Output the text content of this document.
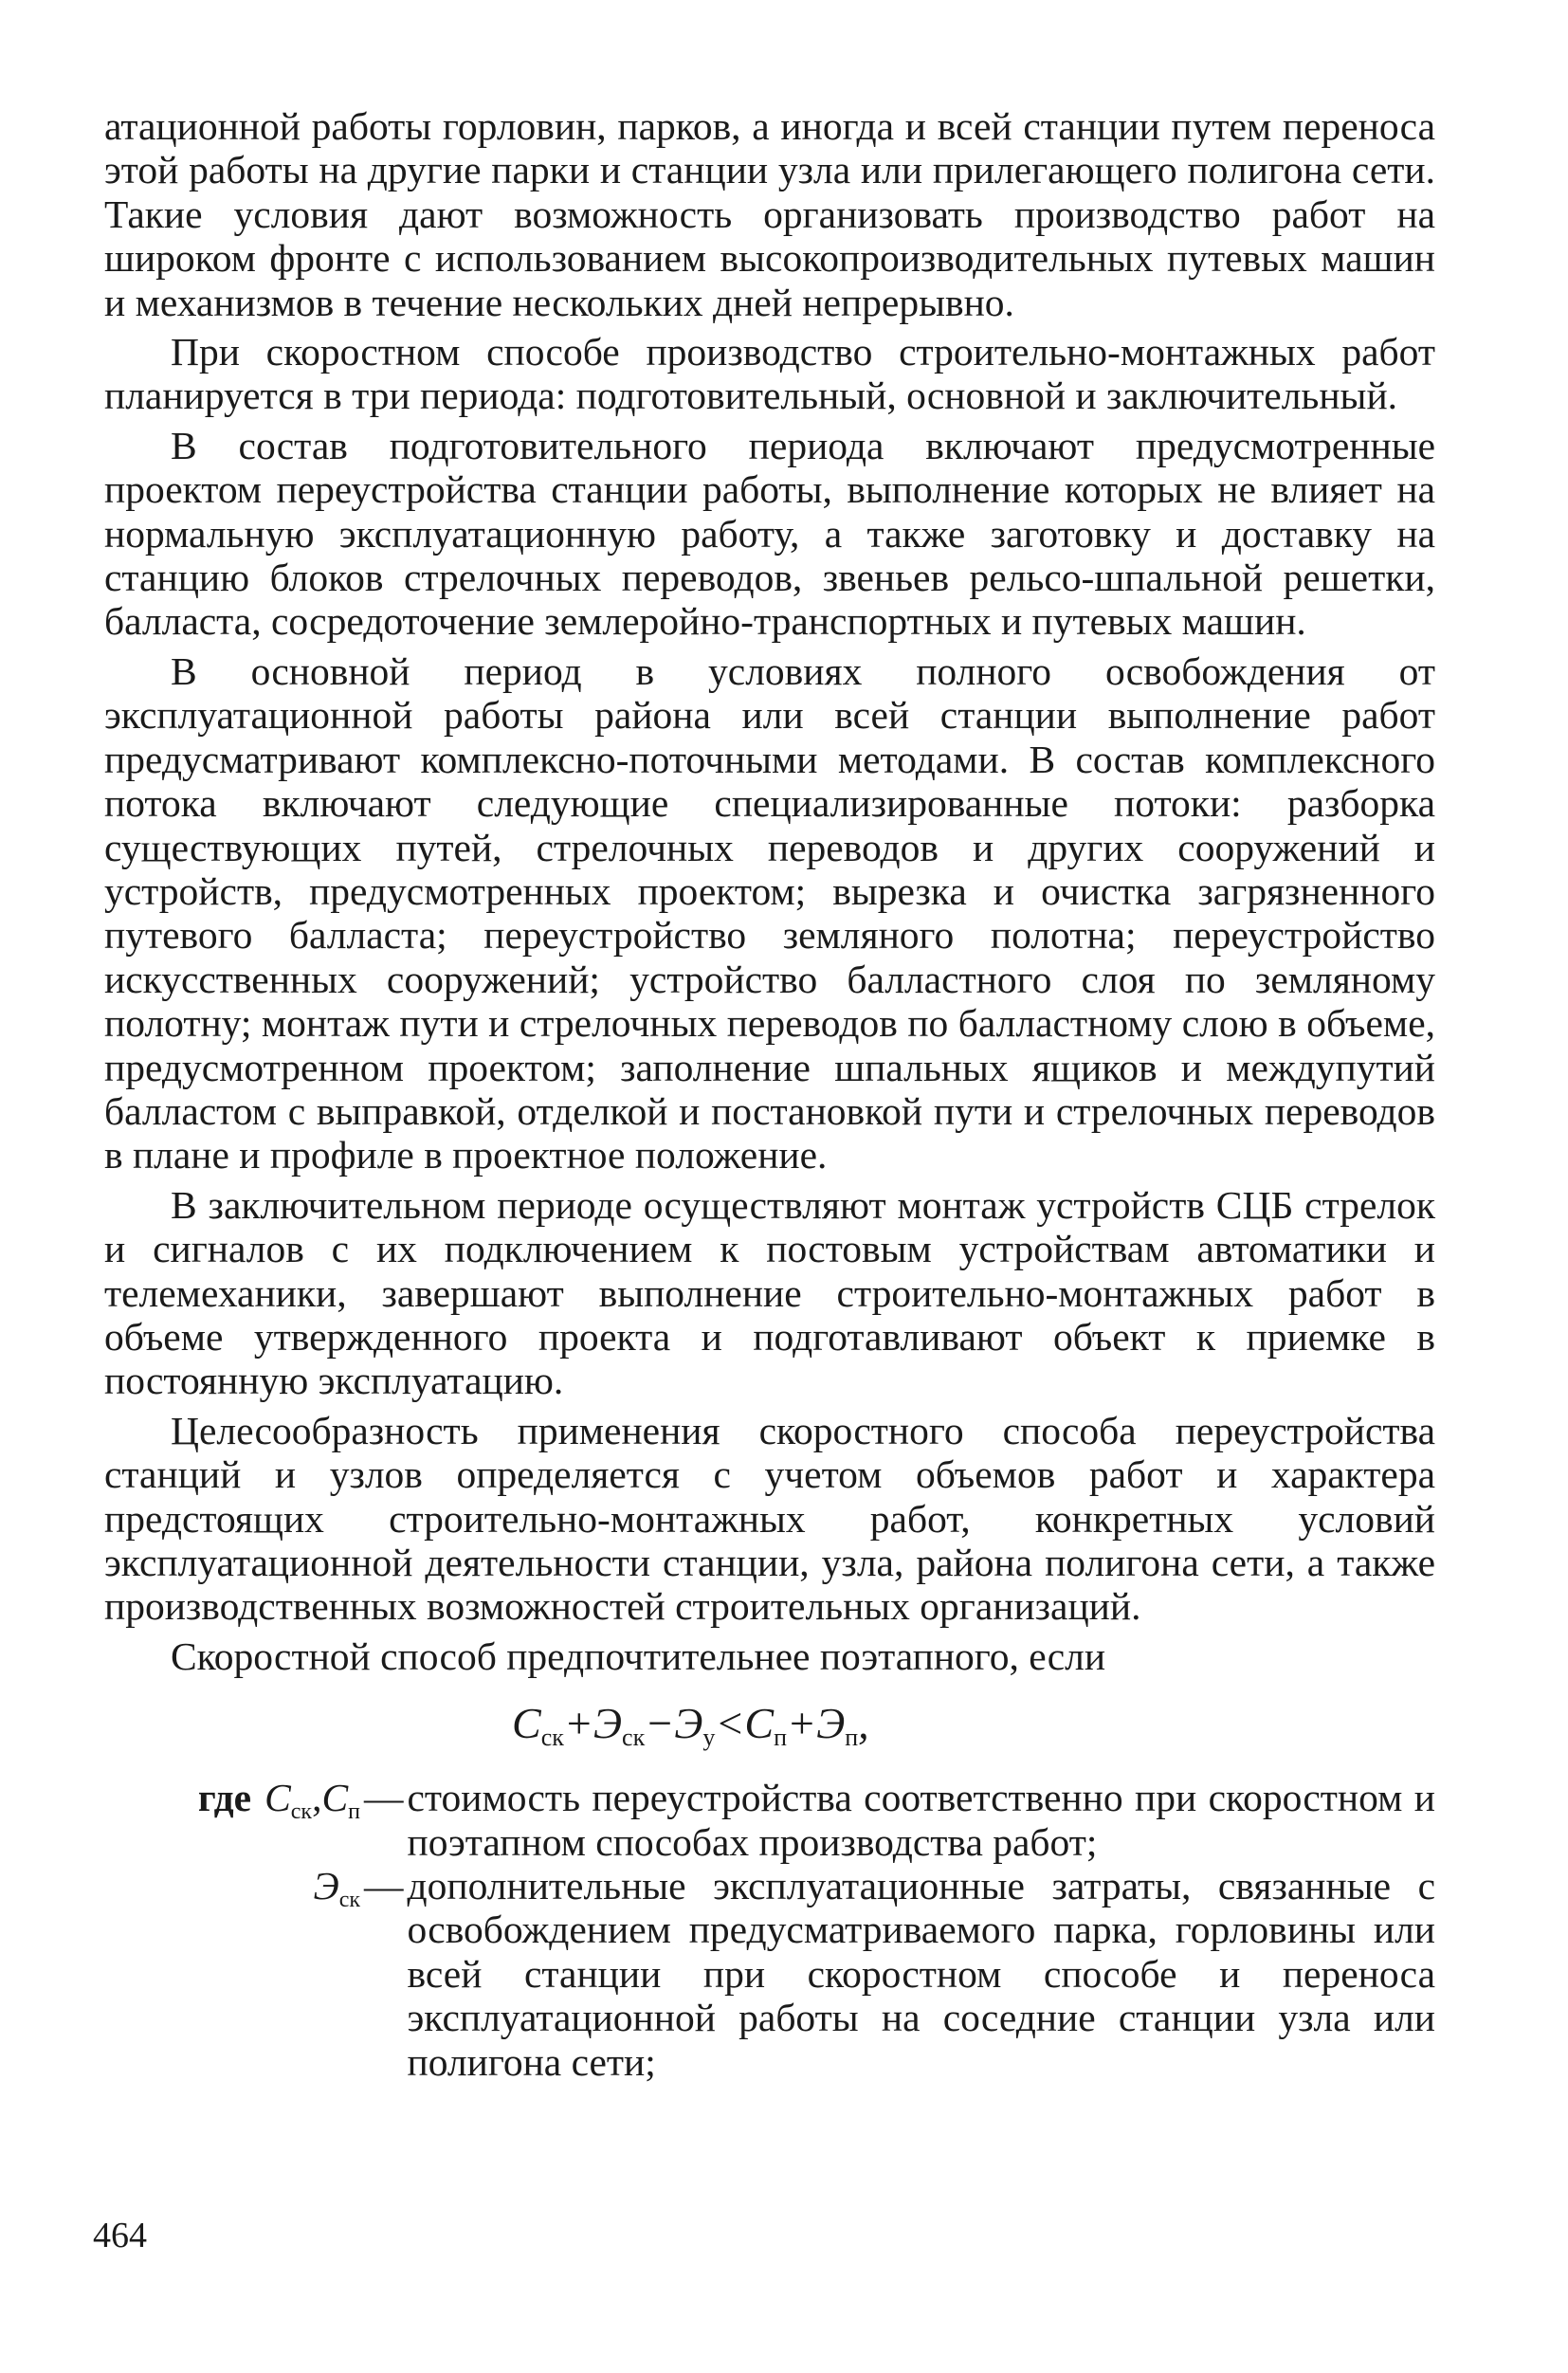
атационной работы горловин, парков, а иногда и всей станции путем переноса этой работы на другие парки и станции узла или прилегающего полигона сети. Такие условия дают возможность организовать производство работ на широком фронте с использованием высокопроизводительных путевых машин и механизмов в течение нескольких дней непрерывно.

При скоростном способе производство строительно-монтажных работ планируется в три периода: подготовительный, основной и заключительный.

В состав подготовительного периода включают предусмотренные проектом переустройства станции работы, выполнение которых не влияет на нормальную эксплуатационную работу, а также заготовку и доставку на станцию блоков стрелочных переводов, звеньев рельсо-шпальной решетки, балласта, сосредоточение землеройно-транспортных и путевых машин.

В основной период в условиях полного освобождения от эксплуатационной работы района или всей станции выполнение работ предусматривают комплексно-поточными методами. В состав комплексного потока включают следующие специализированные потоки: разборка существующих путей, стрелочных переводов и других сооружений и устройств, предусмотренных проектом; вырезка и очистка загрязненного путевого балласта; переустройство земляного полотна; переустройство искусственных сооружений; устройство балластного слоя по земляному полотну; монтаж пути и стрелочных переводов по балластному слою в объеме, предусмотренном проектом; заполнение шпальных ящиков и междупутий балластом с выправкой, отделкой и постановкой пути и стрелочных переводов в плане и профиле в проектное положение.

В заключительном периоде осуществляют монтаж устройств СЦБ стрелок и сигналов с их подключением к постовым устройствам автоматики и телемеханики, завершают выполнение строительно-монтажных работ в объеме утвержденного проекта и подготавливают объект к приемке в постоянную эксплуатацию.

Целесообразность применения скоростного способа переустройства станций и узлов определяется с учетом объемов работ и характера предстоящих строительно-монтажных работ, конкретных условий эксплуатационной деятельности станции, узла, района полигона сети, а также производственных возможностей строительных организаций.

Скоростной способ предпочтительнее поэтапного, если

$C_{ск}+Э_{ск}-Э_у<C_п+Э_п$,
где $C_{ск},C_п$ — стоимость переустройства соответственно при скоростном и поэтапном способах производства работ;
$Э_{ск}$ — дополнительные эксплуатационные затраты, связанные с освобождением предусматриваемого парка, горловины или всей станции при скоростном способе и переноса эксплуатационной работы на соседние станции узла или полигона сети;
464
